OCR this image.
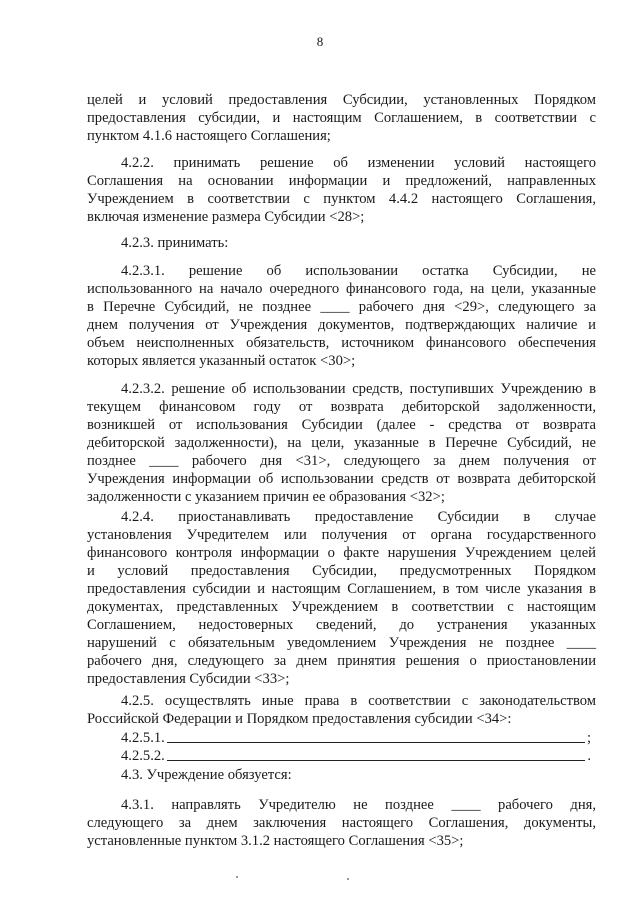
8
целей и условий предоставления Субсидии, установленных Порядком
предоставления субсидии, и настоящим Соглашением, в соответствии с
пунктом 4.1.6 настоящего Соглашения;
4.2.2. принимать решение об изменении условий настоящего
Соглашения на основании информации и предложений, направленных
Учреждением в соответствии с пунктом 4.4.2 настоящего Соглашения,
включая изменение размера Субсидии <28>;
4.2.3. принимать:
4.2.3.1. решение об использовании остатка Субсидии, не
использованного на начало очередного финансового года, на цели, указанные
в Перечне Субсидий, не позднее ____ рабочего дня <29>, следующего за
днем получения от Учреждения документов, подтверждающих наличие и
объем неисполненных обязательств, источником финансового обеспечения
которых является указанный остаток <30>;
4.2.3.2. решение об использовании средств, поступивших Учреждению в
текущем финансовом году от возврата дебиторской задолженности,
возникшей от использования Субсидии (далее - средства от возврата
дебиторской задолженности), на цели, указанные в Перечне Субсидий, не
позднее ____ рабочего дня <31>, следующего за днем получения от
Учреждения информации об использовании средств от возврата дебиторской
задолженности с указанием причин ее образования <32>;
4.2.4. приостанавливать предоставление Субсидии в случае
установления Учредителем или получения от органа государственного
финансового контроля информации о факте нарушения Учреждением целей
и условий предоставления Субсидии, предусмотренных Порядком
предоставления субсидии и настоящим Соглашением, в том числе указания в
документах, представленных Учреждением в соответствии с настоящим
Соглашением, недостоверных сведений, до устранения указанных
нарушений с обязательным уведомлением Учреждения не позднее ____
рабочего дня, следующего за днем принятия решения о приостановлении
предоставления Субсидии <33>;
4.2.5. осуществлять иные права в соответствии с законодательством
Российской Федерации и Порядком предоставления субсидии <34>:
4.2.5.1.	;
4.2.5.2.	.
4.3. Учреждение обязуется:
4.3.1. направлять Учредителю не позднее ____ рабочего дня,
следующего за днем заключения настоящего Соглашения, документы,
установленные пунктом 3.1.2 настоящего Соглашения <35>;
